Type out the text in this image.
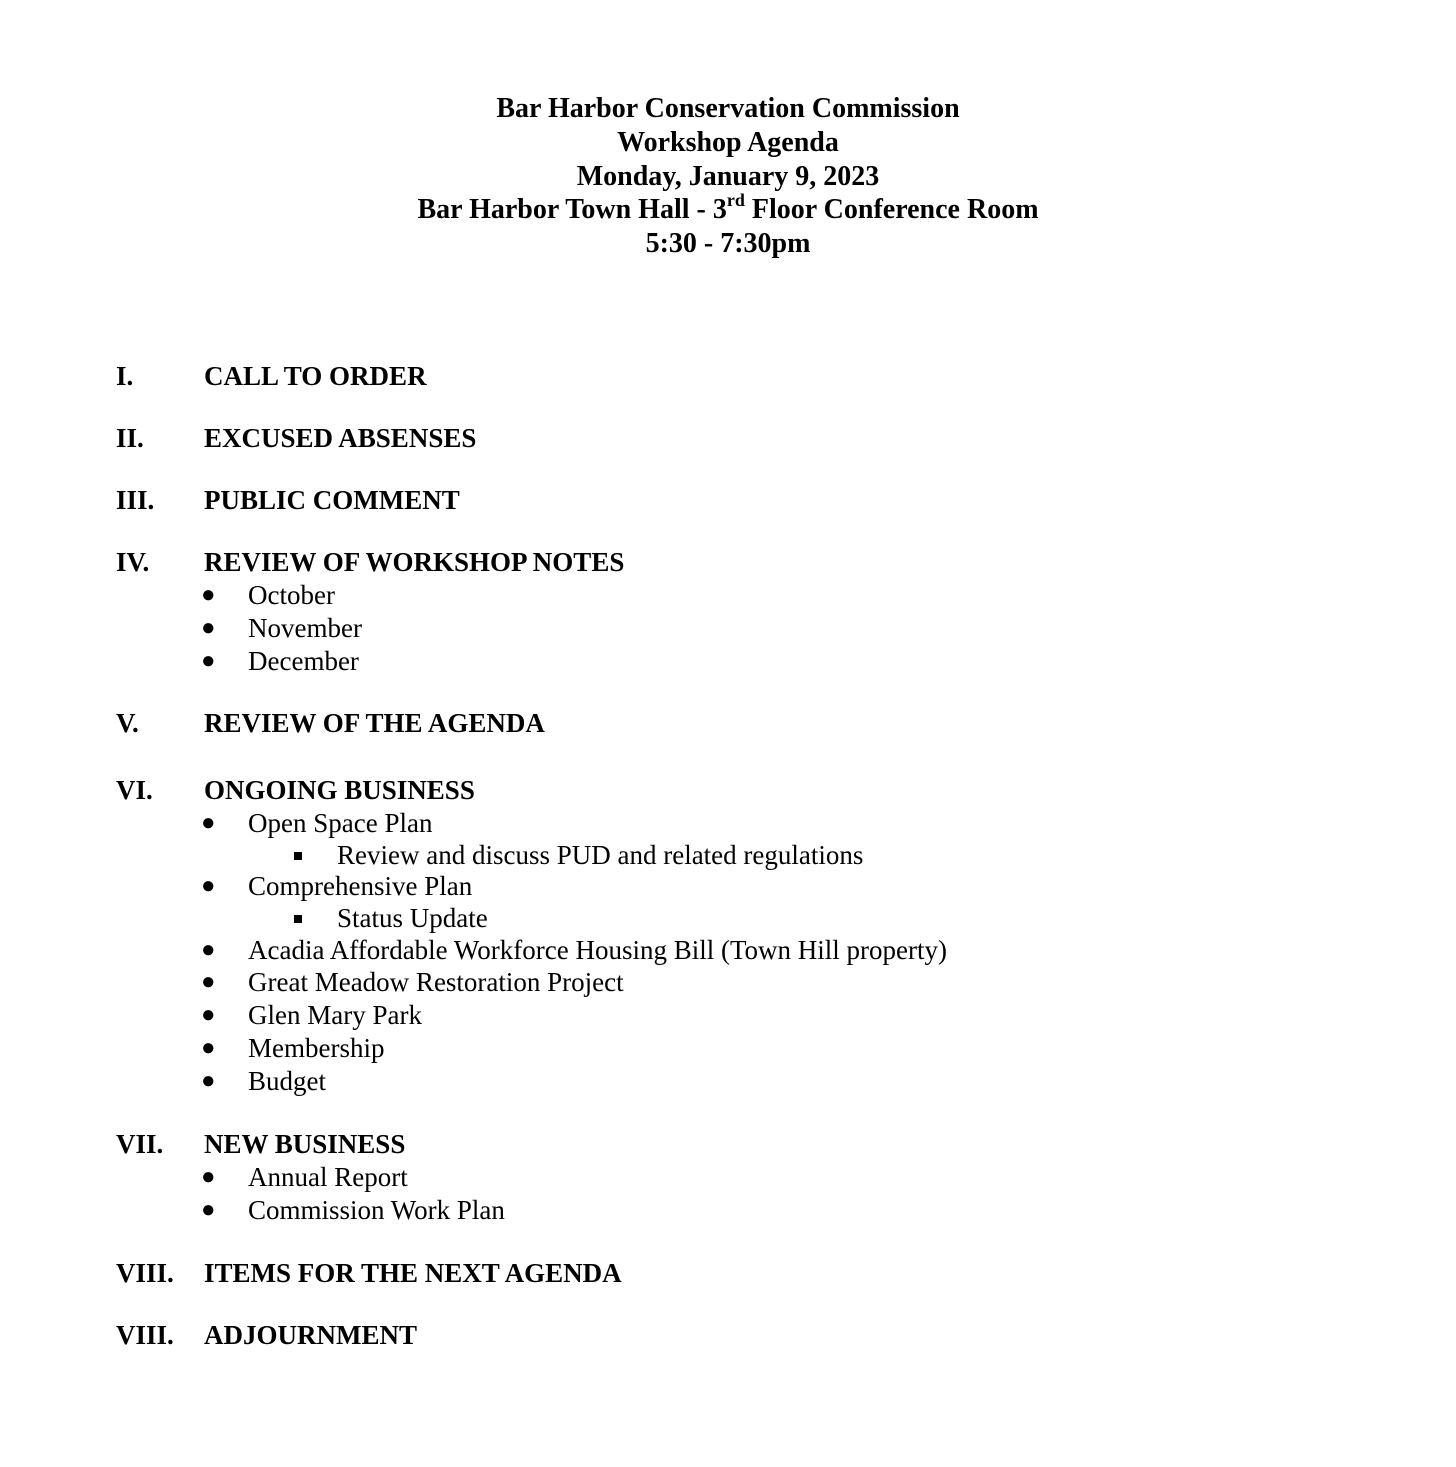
Bar Harbor Conservation Commission
Workshop Agenda
Monday, January 9, 2023
Bar Harbor Town Hall - 3rd Floor Conference Room
5:30 - 7:30pm
I.	CALL TO ORDER
II. EXCUSED ABSENSES
III. PUBLIC COMMENT
IV. REVIEW OF WORKSHOP NOTES
● October
● November
● December
V. REVIEW OF THE AGENDA
VI. ONGOING BUSINESS
● Open Space Plan
Review and discuss PUD and related regulations
● Comprehensive Plan
Status Update
● Acadia Affordable Workforce Housing Bill (Town Hill property)
● Great Meadow Restoration Project
● Glen Mary Park
● Membership
● Budget
VII. NEW BUSINESS
● Annual Report
● Commission Work Plan
VIII. ITEMS FOR THE NEXT AGENDA
VIII. ADJOURNMENT
